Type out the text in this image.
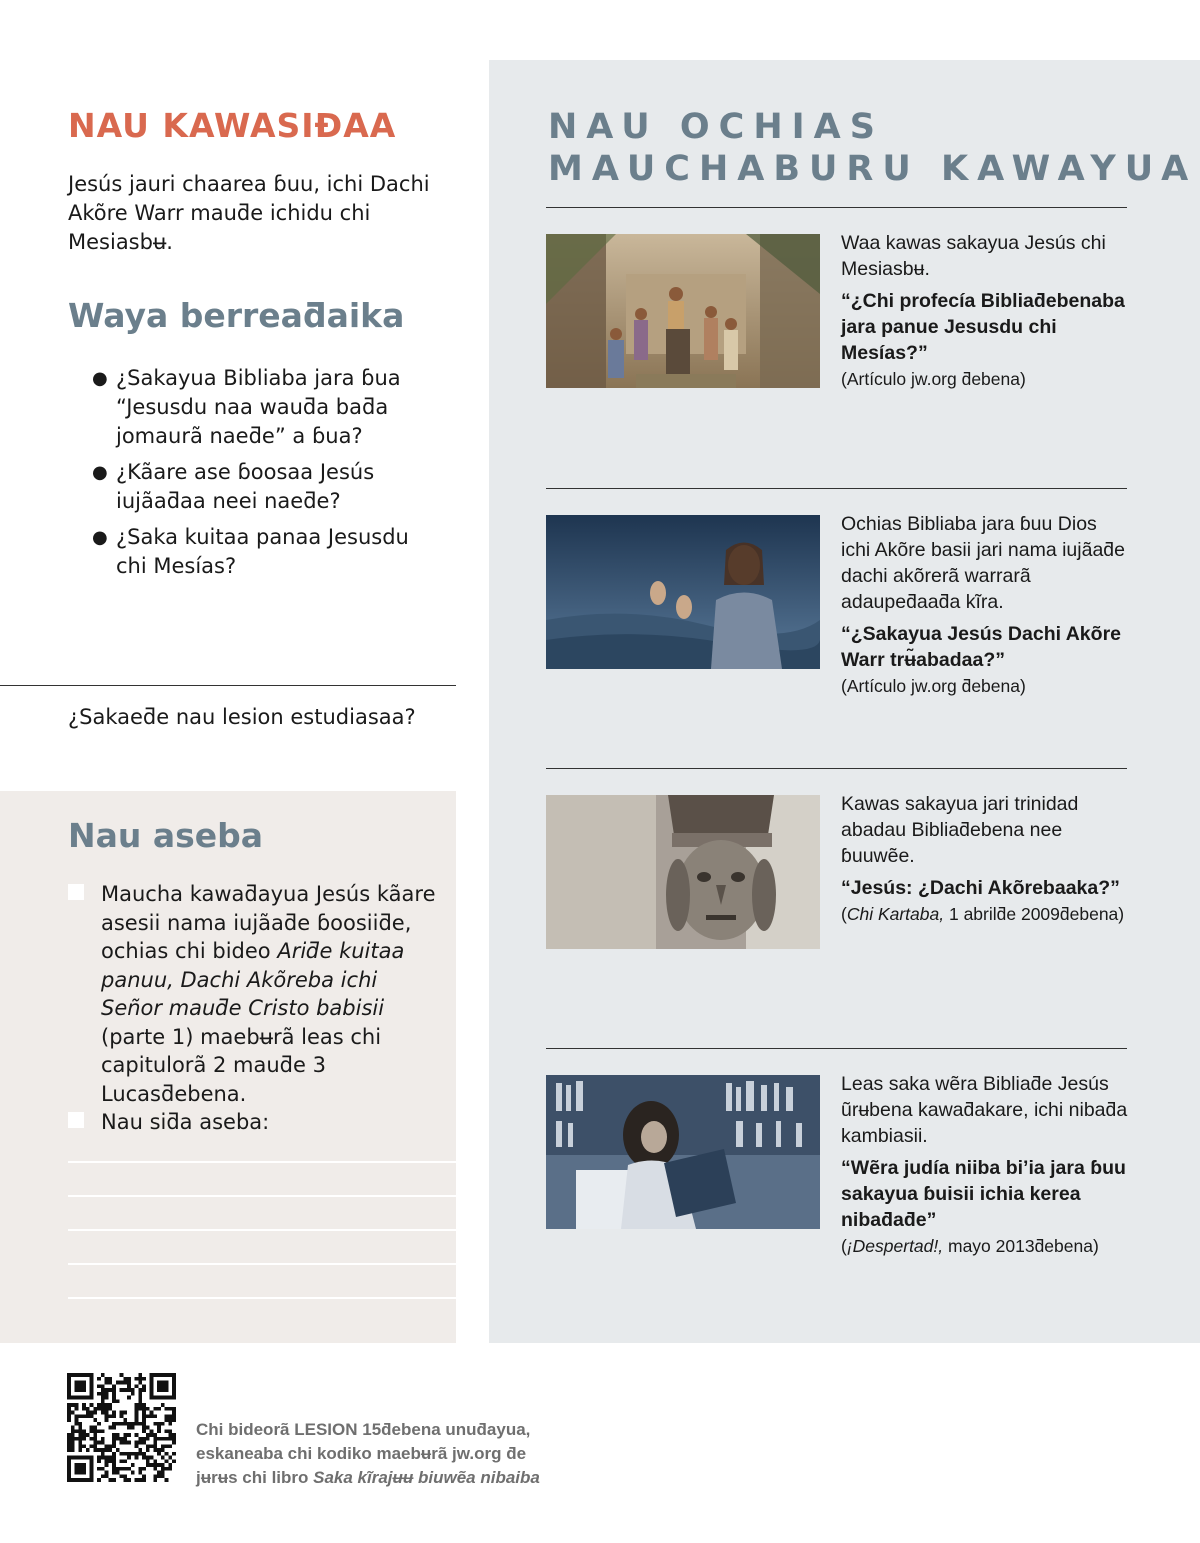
NAU KAWASIƉAA

Jesús jauri chaarea ɓuu, ichi Dachi Akõre Warr mauƌe ichidu chi Mesiasbʉ.

Waya berreaƌaika
● ¿Sakayua Bibliaba jara ɓua “Jesusdu naa wauƌa baƌa jomaurã naeƌe” a ɓua?
● ¿Kãare ase ɓoosaa Jesús iujãaƌaa neei naeƌe?
● ¿Saka kuitaa panaa Jesusdu chi Mesías?
¿Sakaeƌe nau lesion estudiasaa?
Nau aseba
Maucha kawaƌayua Jesús kãare asesii nama iujãaƌe ɓoosiiƌe, ochias chi bideo Ariƌe kuitaa panuu, Dachi Akõreba ichi Señor mauƌe Cristo babisii (parte 1) maebʉrã leas chi capitulorã 2 mauƌe 3 Lucasƌebena.
Nau siƌa aseba:
NAU OCHIAS
MAUCHABURU KAWAYUA

Waa kawas sakayua Jesús chi Mesiasbʉ.

“¿Chi profecía Bibliaƌebenaba jara panue Jesusdu chi Mesías?”

(Artículo jw.org ƌebena)

Ochias Bibliaba jara ɓuu Dios ichi Akõre basii jari nama iujãaƌe dachi akõrerã warrarã adaupeƌaaƌa kĩra.

“¿Sakayua Jesús Dachi Akõre Warr trʉ̃abadaa?”

(Artículo jw.org ƌebena)

Kawas sakayua jari trinidad abadau Bibliaƌebena nee ɓuuwẽe.

“Jesús: ¿Dachi Akõrebaaka?”

(Chi Kartaba, 1 abrilƌe 2009ƌebena)

Leas saka wẽra Bibliaƌe Jesús ũrʉbena kawaƌakare, ichi nibaƌa kambiasii.

“Wẽra judía niiba bi’ia jara ɓuu sakayua ɓuisii ichia kerea nibaƌaƌe”

(¡Despertad!, mayo 2013ƌebena)

Chi bideorã LESION 15ƌebena unuƌayua,
eskaneaba chi kodiko maebʉrã jw.org ƌe
jʉrʉs chi libro Saka kĩrajʉʉ biuwẽa nibaiba
